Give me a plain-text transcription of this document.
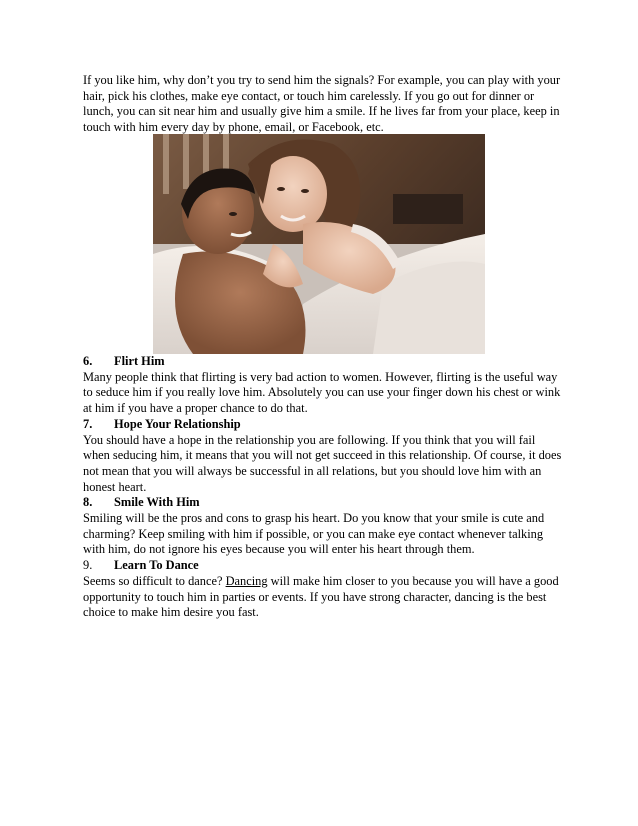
If you like him, why don’t you try to send him the signals? For example, you can play with your hair, pick his clothes, make eye contact, or touch him carelessly. If you go out for dinner or lunch, you can sit near him and usually give him a smile. If he lives far from your place, keep in touch with him every day by phone, email, or Facebook, etc.

6. Flirt Him

Many people think that flirting is very bad action to women. However, flirting is the useful way to seduce him if you really love him. Absolutely you can use your finger down his chest or wink at him if you have a proper chance to do that.

7. Hope Your Relationship

You should have a hope in the relationship you are following. If you think that you will fail when seducing him, it means that you will not get succeed in this relationship. Of course, it does not mean that you will always be successful in all relations, but you should love him with an honest heart.

8. Smile With Him

Smiling will be the pros and cons to grasp his heart. Do you know that your smile is cute and charming? Keep smiling with him if possible, or you can make eye contact whenever talking with him, do not ignore his eyes because you will enter his heart through them.

9. Learn To Dance

Seems so difficult to dance? Dancing will make him closer to you because you will have a good opportunity to touch him in parties or events. If you have strong character, dancing is the best choice to make him desire you fast.
